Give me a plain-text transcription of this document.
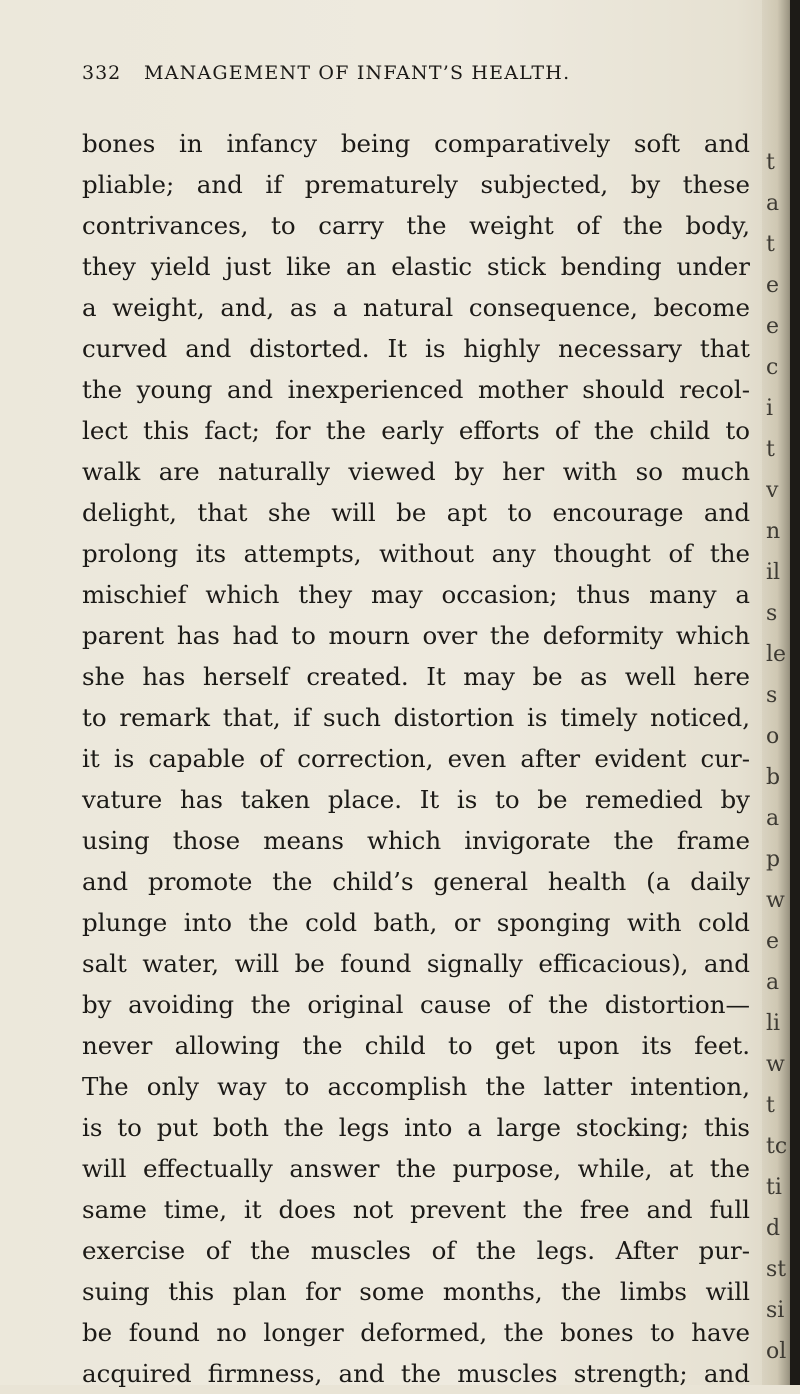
332 MANAGEMENT OF INFANT’S HEALTH.
bones in infancy being comparatively soft and
pliable; and if prematurely subjected, by these
contrivances, to carry the weight of the body,
they yield just like an elastic stick bending under
a weight, and, as a natural consequence, become
curved and distorted. It is highly necessary that
the young and inexperienced mother should recol-
lect this fact; for the early efforts of the child to
walk are naturally viewed by her with so much
delight, that she will be apt to encourage and
prolong its attempts, without any thought of the
mischief which they may occasion; thus many a
parent has had to mourn over the deformity which
she has herself created. It may be as well here
to remark that, if such distortion is timely noticed,
it is capable of correction, even after evident cur-
vature has taken place. It is to be remedied by
using those means which invigorate the frame
and promote the child’s general health (a daily
plunge into the cold bath, or sponging with cold
salt water, will be found signally efficacious), and
by avoiding the original cause of the distortion—
never allowing the child to get upon its feet.
The only way to accomplish the latter intention,
is to put both the legs into a large stocking; this
will effectually answer the purpose, while, at the
same time, it does not prevent the free and full
exercise of the muscles of the legs. After pur-
suing this plan for some months, the limbs will
be found no longer deformed, the bones to have
acquired firmness, and the muscles strength; and
t
a
t
e
e
c
i
t
v
n
il
s
le
s
o
b
a
p
w
e
a
li
w
t
tc
ti
d
st
si
ol
